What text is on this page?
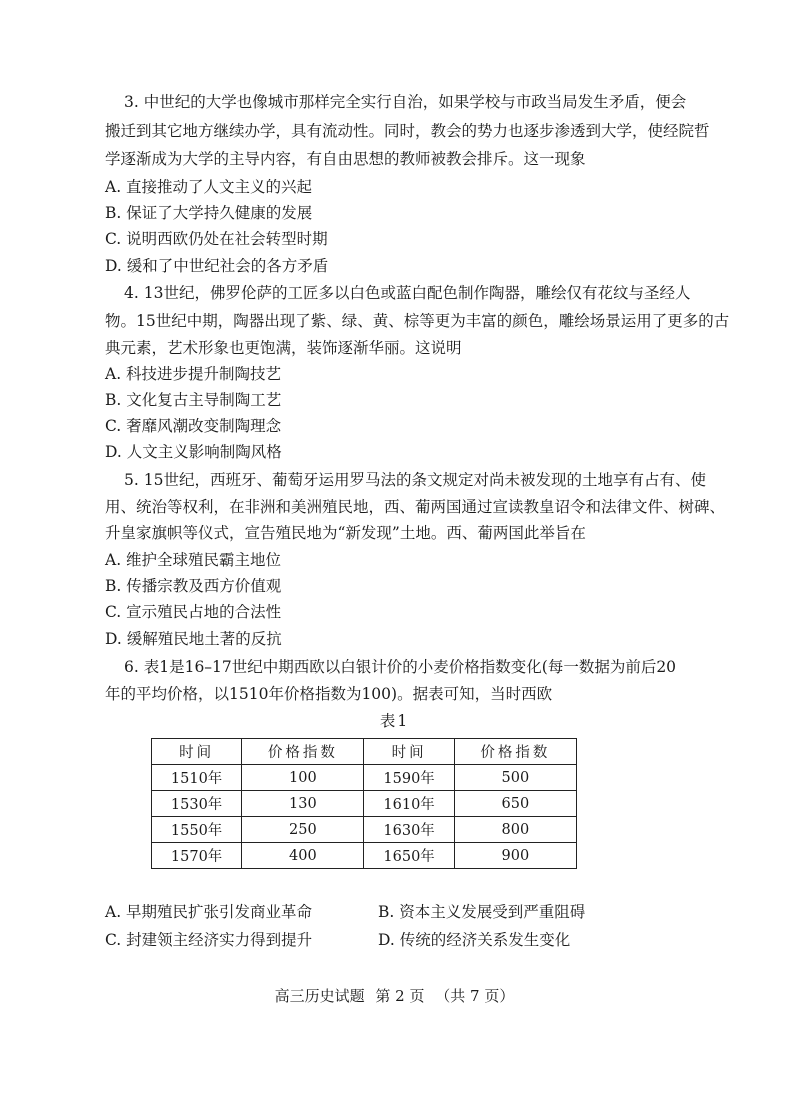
3. 中世纪的大学也像城市那样完全实行自治，如果学校与市政当局发生矛盾，便会
搬迁到其它地方继续办学，具有流动性。同时，教会的势力也逐步渗透到大学，使经院哲
学逐渐成为大学的主导内容，有自由思想的教师被教会排斥。这一现象
A. 直接推动了人文主义的兴起
B. 保证了大学持久健康的发展
C. 说明西欧仍处在社会转型时期
D. 缓和了中世纪社会的各方矛盾
4. 13世纪，佛罗伦萨的工匠多以白色或蓝白配色制作陶器，雕绘仅有花纹与圣经人
物。15世纪中期，陶器出现了紫、绿、黄、棕等更为丰富的颜色，雕绘场景运用了更多的古
典元素，艺术形象也更饱满，装饰逐渐华丽。这说明
A. 科技进步提升制陶技艺
B. 文化复古主导制陶工艺
C. 奢靡风潮改变制陶理念
D. 人文主义影响制陶风格
5. 15世纪，西班牙、葡萄牙运用罗马法的条文规定对尚未被发现的土地享有占有、使
用、统治等权利，在非洲和美洲殖民地，西、葡两国通过宣读教皇诏令和法律文件、树碑、
升皇家旗帜等仪式，宣告殖民地为“新发现”土地。西、葡两国此举旨在
A. 维护全球殖民霸主地位
B. 传播宗教及西方价值观
C. 宣示殖民占地的合法性
D. 缓解殖民地土著的反抗
6. 表1是16–17世纪中期西欧以白银计价的小麦价格指数变化(每一数据为前后20
年的平均价格，以1510年价格指数为100)。据表可知，当时西欧
表1
时间	价格指数	时间	价格指数
1510年	100	1590年	500
1530年	130	1610年	650
1550年	250	1630年	800
1570年	400	1650年	900
A. 早期殖民扩张引发商业革命	B. 资本主义发展受到严重阻碍
C. 封建领主经济实力得到提升	D. 传统的经济关系发生变化
高三历史试题 第 2 页 （共 7 页）
